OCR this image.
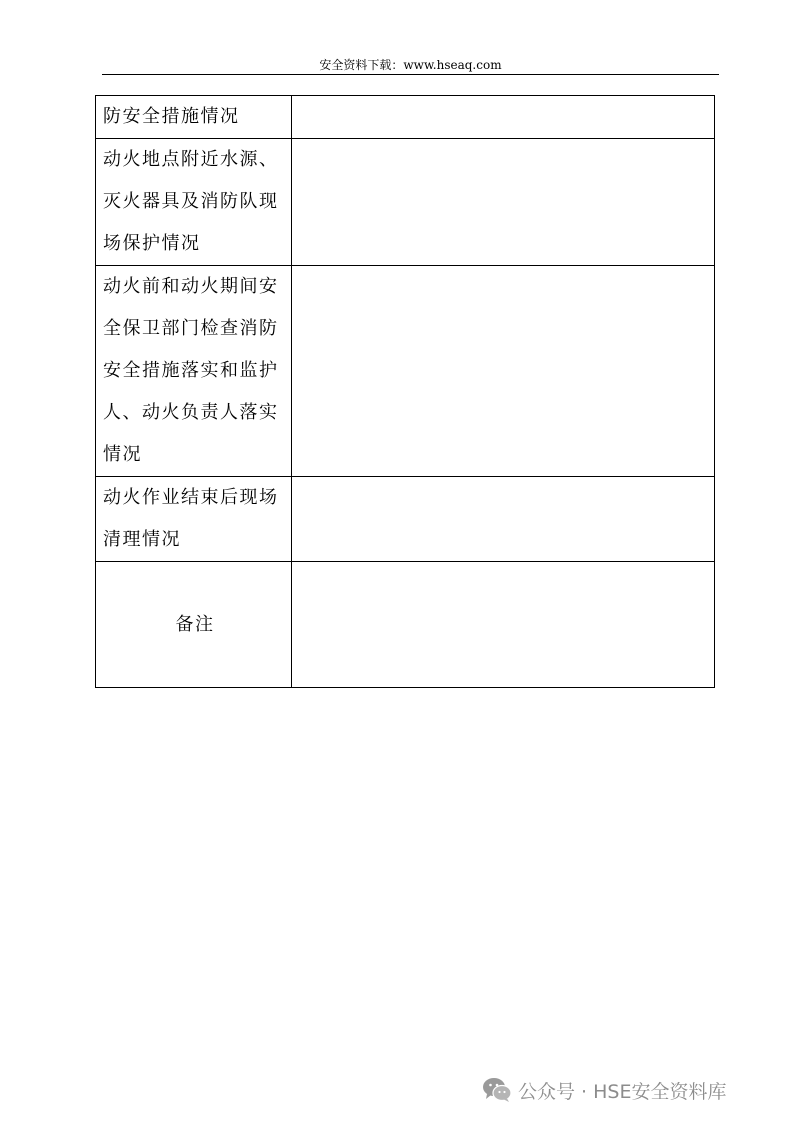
安全资料下载：www.hseaq.com
防安全措施情况	
动火地点附近水源、灭火器具及消防队现场保护情况	
动火前和动火期间安全保卫部门检查消防安全措施落实和监护人、动火负责人落实情况	
动火作业结束后现场清理情况	
备注	
公众号 · HSE安全资料库
